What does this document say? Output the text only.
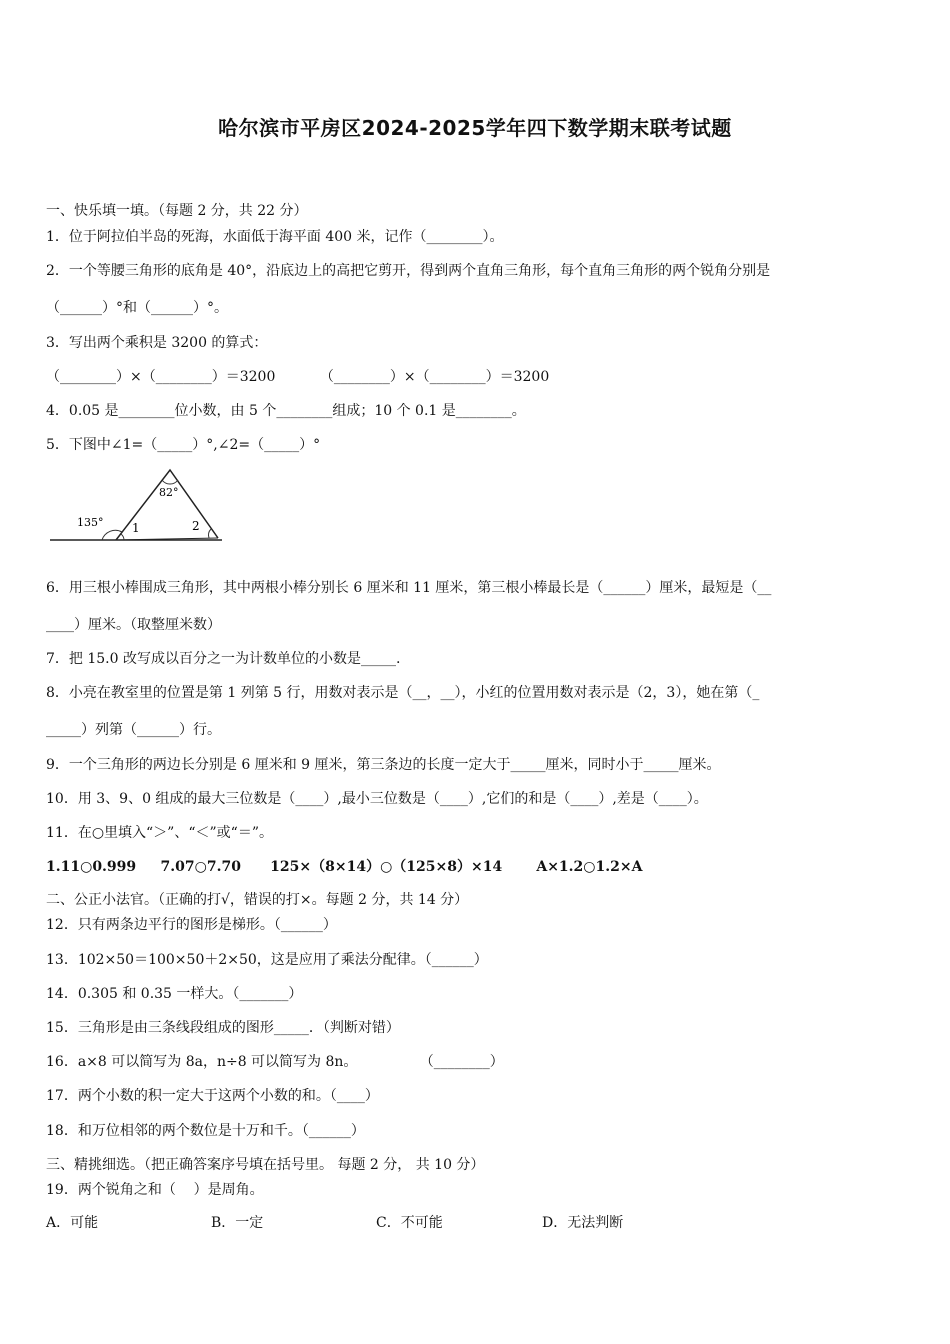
哈尔滨市平房区2024-2025学年四下数学期末联考试题
一、快乐填一填。（每题 2 分，共 22 分）
1．位于阿拉伯半岛的死海，水面低于海平面 400 米，记作（________）。
2．一个等腰三角形的底角是 40°，沿底边上的高把它剪开，得到两个直角三角形，每个直角三角形的两个锐角分别是
（______）°和（______）°。
3．写出两个乘积是 3200 的算式：
（________）×（________）＝3200          （________）×（________）＝3200
4．0.05 是________位小数，由 5 个________组成；10 个 0.1 是________。
5．下图中∠1=（_____）°,∠2=（_____）°
82°
135° 1	2
6．用三根小棒围成三角形，其中两根小棒分别长 6 厘米和 11 厘米，第三根小棒最长是（______）厘米，最短是（__
____）厘米。（取整厘米数）
7．把 15.0 改写成以百分之一为计数单位的小数是_____.
8．小亮在教室里的位置是第 1 列第 5 行，用数对表示是（__，__），小红的位置用数对表示是（2，3），她在第（_
_____）列第（______）行。
9．一个三角形的两边长分别是 6 厘米和 9 厘米，第三条边的长度一定大于_____厘米，同时小于_____厘米。
10．用 3、9、0 组成的最大三位数是（____）,最小三位数是（____）,它们的和是（____）,差是（____）。
11．在○里填入“＞”、“＜”或“＝”。
1.11○0.999     7.07○7.70      125×（8×14）○（125×8）×14       A×1.2○1.2×A
二、公正小法官。（正确的打√，错误的打×。每题 2 分，共 14 分）
12．只有两条边平行的图形是梯形。（______）
13．102×50＝100×50＋2×50，这是应用了乘法分配律。（______）
14．0.305 和 0.35 一样大。（_______）
15．三角形是由三条线段组成的图形_____．（判断对错）
16．a×8 可以简写为 8a，n÷8 可以简写为 8n。              （________）
17．两个小数的积一定大于这两个小数的和。（____）
18．和万位相邻的两个数位是十万和千。（______）
三、精挑细选。（把正确答案序号填在括号里。 每题 2 分， 共 10 分）
19．两个锐角之和（    ）是周角。
A．可能	B．一定	C．不可能	D．无法判断
